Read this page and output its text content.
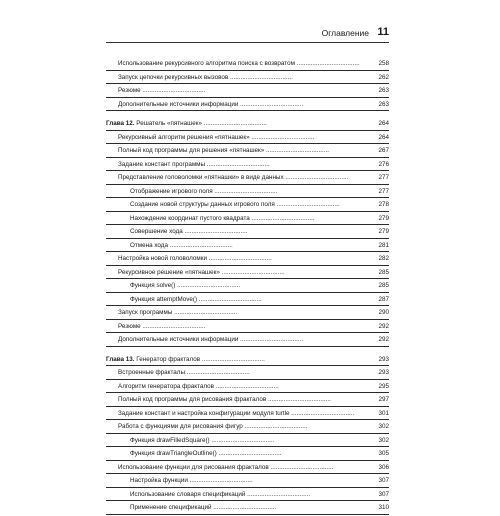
Оглавление 11
Использование рекурсивного алгоритма поиска с возвратом ....................................	258
Запуск цепочки рекурсивных вызовов ....................................	262
Резюме ....................................	263
Дополнительные источники информации ....................................	263
Глава 12. Решатель «пятнашек» ....................................	264
Рекурсивный алгоритм решения «пятнашек» ....................................	264
Полный код программы для решения «пятнашек» ....................................	267
Задание констант программы ....................................	276
Представление головоломки «пятнашки» в виде данных ....................................	277
Отображение игрового поля ....................................	277
Создание новой структуры данных игрового поля ....................................	278
Нахождение координат пустого квадрата ....................................	279
Совершение хода ....................................	279
Отмена хода ....................................	281
Настройка новой головоломки ....................................	282
Рекурсивное решение «пятнашек» ....................................	285
Функция solve() ....................................	285
Функция attemptMove() ....................................	287
Запуск программы ....................................	290
Резюме ....................................	292
Дополнительные источники информации ....................................	292
Глава 13. Генератор фракталов ....................................	293
Встроенные фракталы ....................................	293
Алгоритм генератора фракталов ....................................	295
Полный код программы для рисования фракталов ....................................	297
Задание констант и настройка конфигурации модуля turtle ....................................	301
Работа с функциями для рисования фигур ....................................	302
Функция drawFilledSquare() ....................................	302
Функция drawTriangleOutline() ....................................	305
Использование функции для рисования фракталов ....................................	306
Настройка функции ....................................	307
Использование словаря спецификаций ....................................	307
Применение спецификаций ....................................	310
